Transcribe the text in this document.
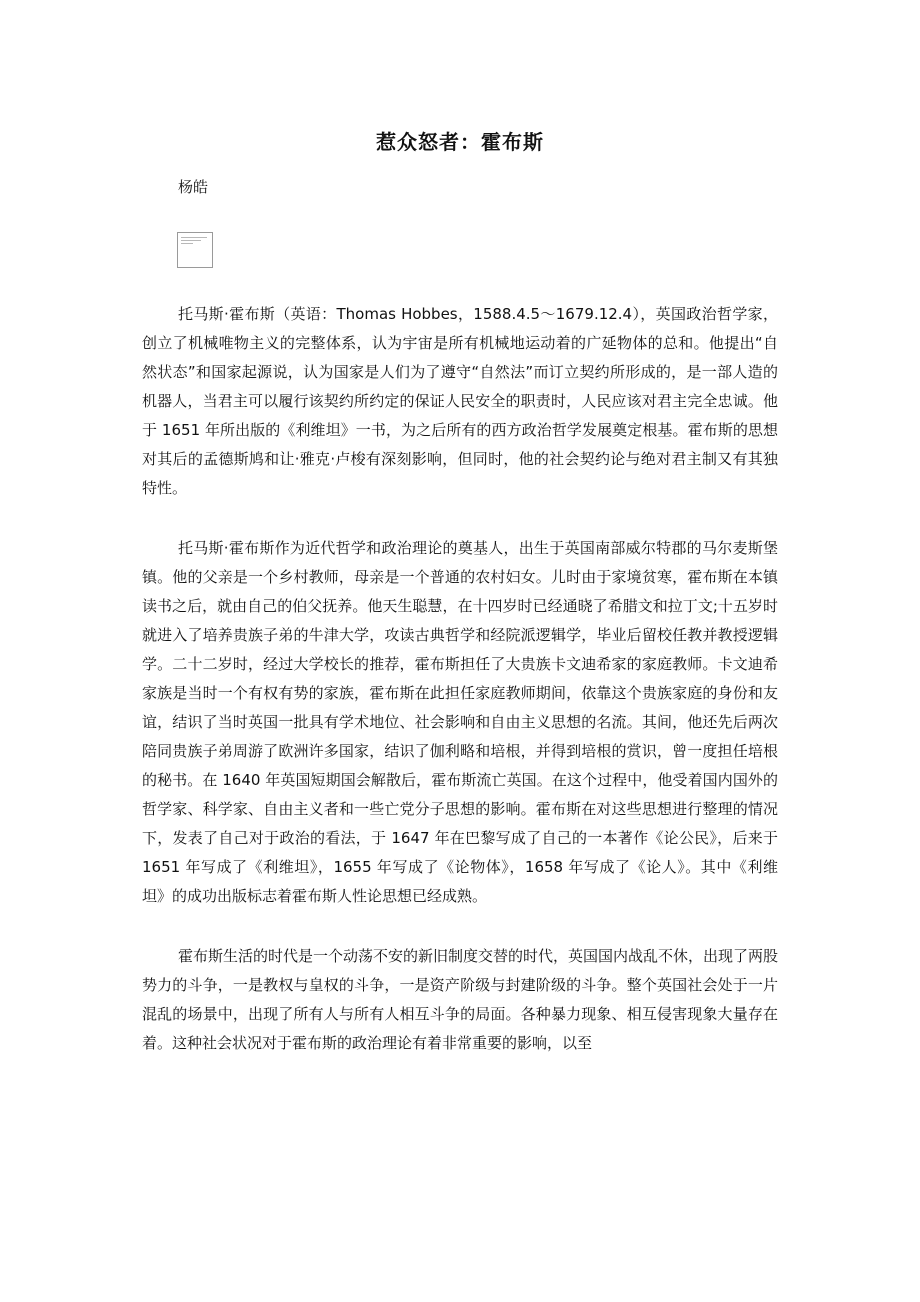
惹众怒者：霍布斯
杨皓

托马斯·霍布斯（英语：Thomas Hobbes，1588.4.5～1679.12.4），英国政治哲学家，创立了机械唯物主义的完整体系，认为宇宙是所有机械地运动着的广延物体的总和。他提出“自然状态”和国家起源说，认为国家是人们为了遵守“自然法”而订立契约所形成的，是一部人造的机器人，当君主可以履行该契约所约定的保证人民安全的职责时，人民应该对君主完全忠诚。他于 1651 年所出版的《利维坦》一书，为之后所有的西方政治哲学发展奠定根基。霍布斯的思想对其后的孟德斯鸠和让·雅克·卢梭有深刻影响，但同时，他的社会契约论与绝对君主制又有其独特性。

托马斯·霍布斯作为近代哲学和政治理论的奠基人，出生于英国南部威尔特郡的马尔麦斯堡镇。他的父亲是一个乡村教师，母亲是一个普通的农村妇女。儿时由于家境贫寒，霍布斯在本镇读书之后，就由自己的伯父抚养。他天生聪慧，在十四岁时已经通晓了希腊文和拉丁文;十五岁时就进入了培养贵族子弟的牛津大学，攻读古典哲学和经院派逻辑学，毕业后留校任教并教授逻辑学。二十二岁时，经过大学校长的推荐，霍布斯担任了大贵族卡文迪希家的家庭教师。卡文迪希家族是当时一个有权有势的家族，霍布斯在此担任家庭教师期间，依靠这个贵族家庭的身份和友谊，结识了当时英国一批具有学术地位、社会影响和自由主义思想的名流。其间，他还先后两次陪同贵族子弟周游了欧洲许多国家，结识了伽利略和培根，并得到培根的赏识，曾一度担任培根的秘书。在 1640 年英国短期国会解散后，霍布斯流亡英国。在这个过程中，他受着国内国外的哲学家、科学家、自由主义者和一些亡党分子思想的影响。霍布斯在对这些思想进行整理的情况下，发表了自己对于政治的看法，于 1647 年在巴黎写成了自己的一本著作《论公民》，后来于 1651 年写成了《利维坦》，1655 年写成了《论物体》，1658 年写成了《论人》。其中《利维坦》的成功出版标志着霍布斯人性论思想已经成熟。

霍布斯生活的时代是一个动荡不安的新旧制度交替的时代，英国国内战乱不休，出现了两股势力的斗争，一是教权与皇权的斗争，一是资产阶级与封建阶级的斗争。整个英国社会处于一片混乱的场景中，出现了所有人与所有人相互斗争的局面。各种暴力现象、相互侵害现象大量存在着。这种社会状况对于霍布斯的政治理论有着非常重要的影响，以至
